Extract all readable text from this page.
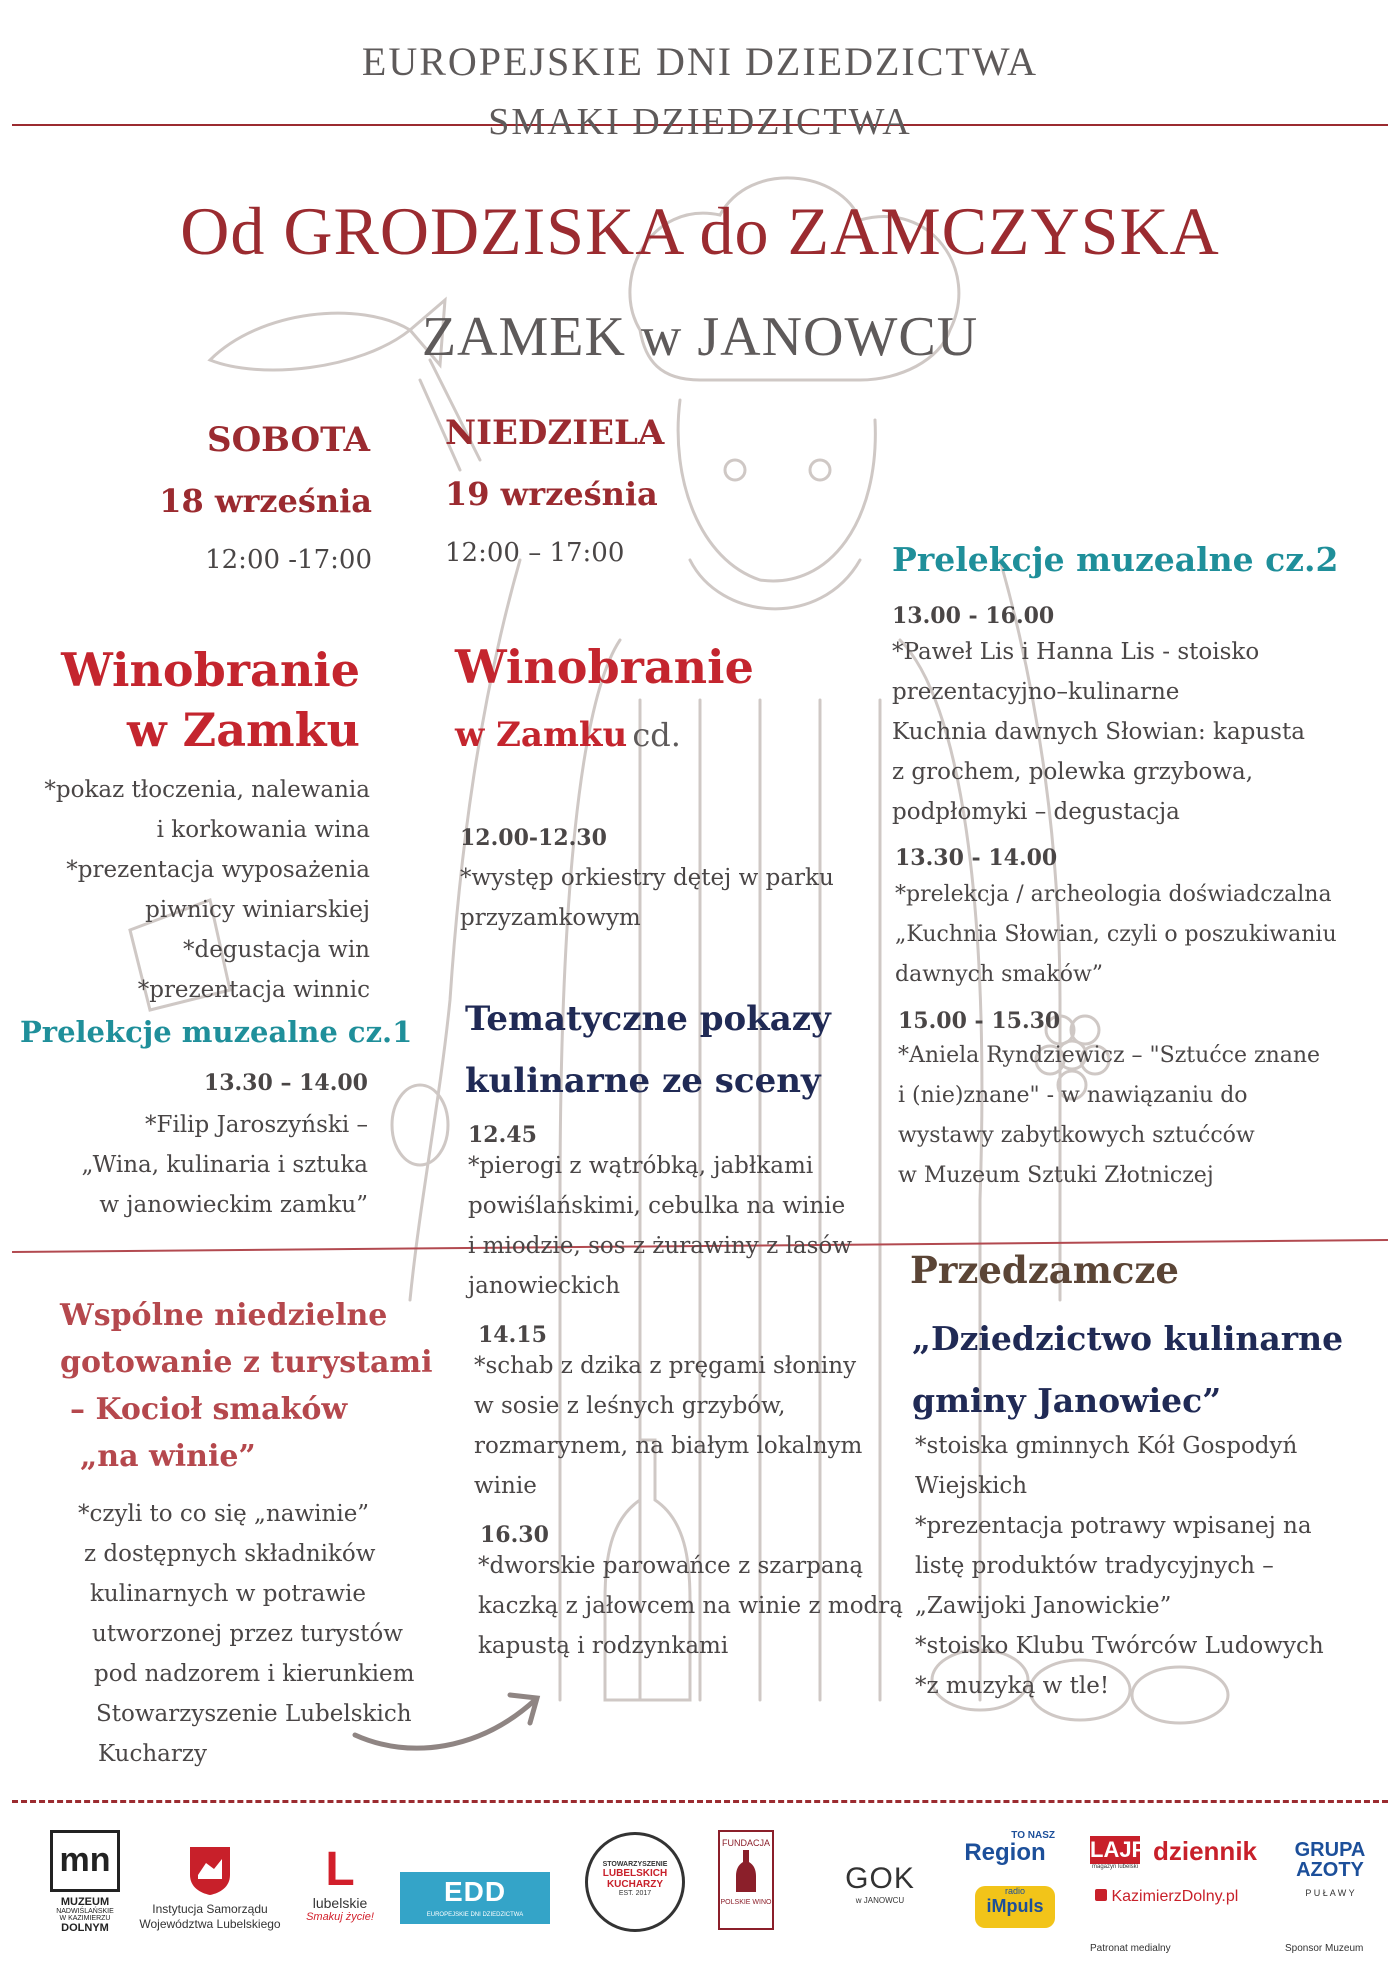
EUROPEJSKIE DNI DZIEDZICTWA
SMAKI DZIEDZICTWA
Od GRODZISKA do ZAMCZYSKA
ZAMEK w JANOWCU
SOBOTA
18 września
12:00 -17:00
NIEDZIELA
19 września
12:00 – 17:00
Winobranie
w Zamku
*pokaz tłoczenia, nalewania
i korkowania wina
*prezentacja wyposażenia
piwnicy winiarskiej
*degustacja win
*prezentacja winnic
Prelekcje muzealne cz.1
13.30 – 14.00
*Filip Jaroszyński –
„Wina, kulinaria i sztuka
w janowieckim zamku”
Wspólne niedzielne
gotowanie z turystami
– Kocioł smaków
„na winie”
*czyli to co się „nawinie”
z dostępnych składników
kulinarnych w potrawie
utworzonej przez turystów
pod nadzorem i kierunkiem
Stowarzyszenie Lubelskich
Kucharzy
Winobranie
w Zamku cd.
12.00-12.30
*występ orkiestry dętej w parku
przyzamkowym
Tematyczne pokazy
kulinarne ze sceny
12.45
*pierogi z wątróbką, jabłkami
powiślańskimi, cebulka na winie
i miodzie, sos z żurawiny z lasów
janowieckich
14.15
*schab z dzika z pręgami słoniny
w sosie z leśnych grzybów,
rozmarynem, na białym lokalnym
winie
16.30
*dworskie parowańce z szarpaną
kaczką z jałowcem na winie z modrą
kapustą i rodzynkami
Prelekcje muzealne cz.2
13.00 - 16.00
*Paweł Lis i Hanna Lis - stoisko
prezentacyjno–kulinarne
Kuchnia dawnych Słowian: kapusta
z grochem, polewka grzybowa,
podpłomyki – degustacja
13.30 - 14.00
*prelekcja / archeologia doświadczalna
„Kuchnia Słowian, czyli o poszukiwaniu
dawnych smaków”
15.00 - 15.30
*Aniela Ryndziewicz – "Sztućce znane
i (nie)znane" - w nawiązaniu do
wystawy zabytkowych sztućców
w Muzeum Sztuki Złotniczej
Przedzamcze
„Dziedzictwo kulinarne
gminy Janowiec”
*stoiska gminnych Kół Gospodyń
Wiejskich
*prezentacja potrawy wpisanej na
listę produktów tradycyjnych –
„Zawijoki Janowickie”
*stoisko Klubu Twórców Ludowych
*z muzyką w tle!
mn
MUZEUM
NADWIŚLAŃSKIE
W KAZIMIERZU
DOLNYM
Instytucja Samorządu
Województwa Lubelskiego
L
lubelskie
Smakuj życie!
EDD
EUROPEJSKIE DNI DZIEDZICTWA
STOWARZYSZENIE
LUBELSKICH
KUCHARZY
EST. 2017
FUNDACJA
POLSKIE WINO
GOK
w JANOWCU
TO NASZ
Region
radio
iMpuls
LAJF
magazyn lubelski
dziennik
KazimierzDolny.pl
Patronat medialny
GRUPA
AZOTY
P U Ł A W Y
Sponsor Muzeum
